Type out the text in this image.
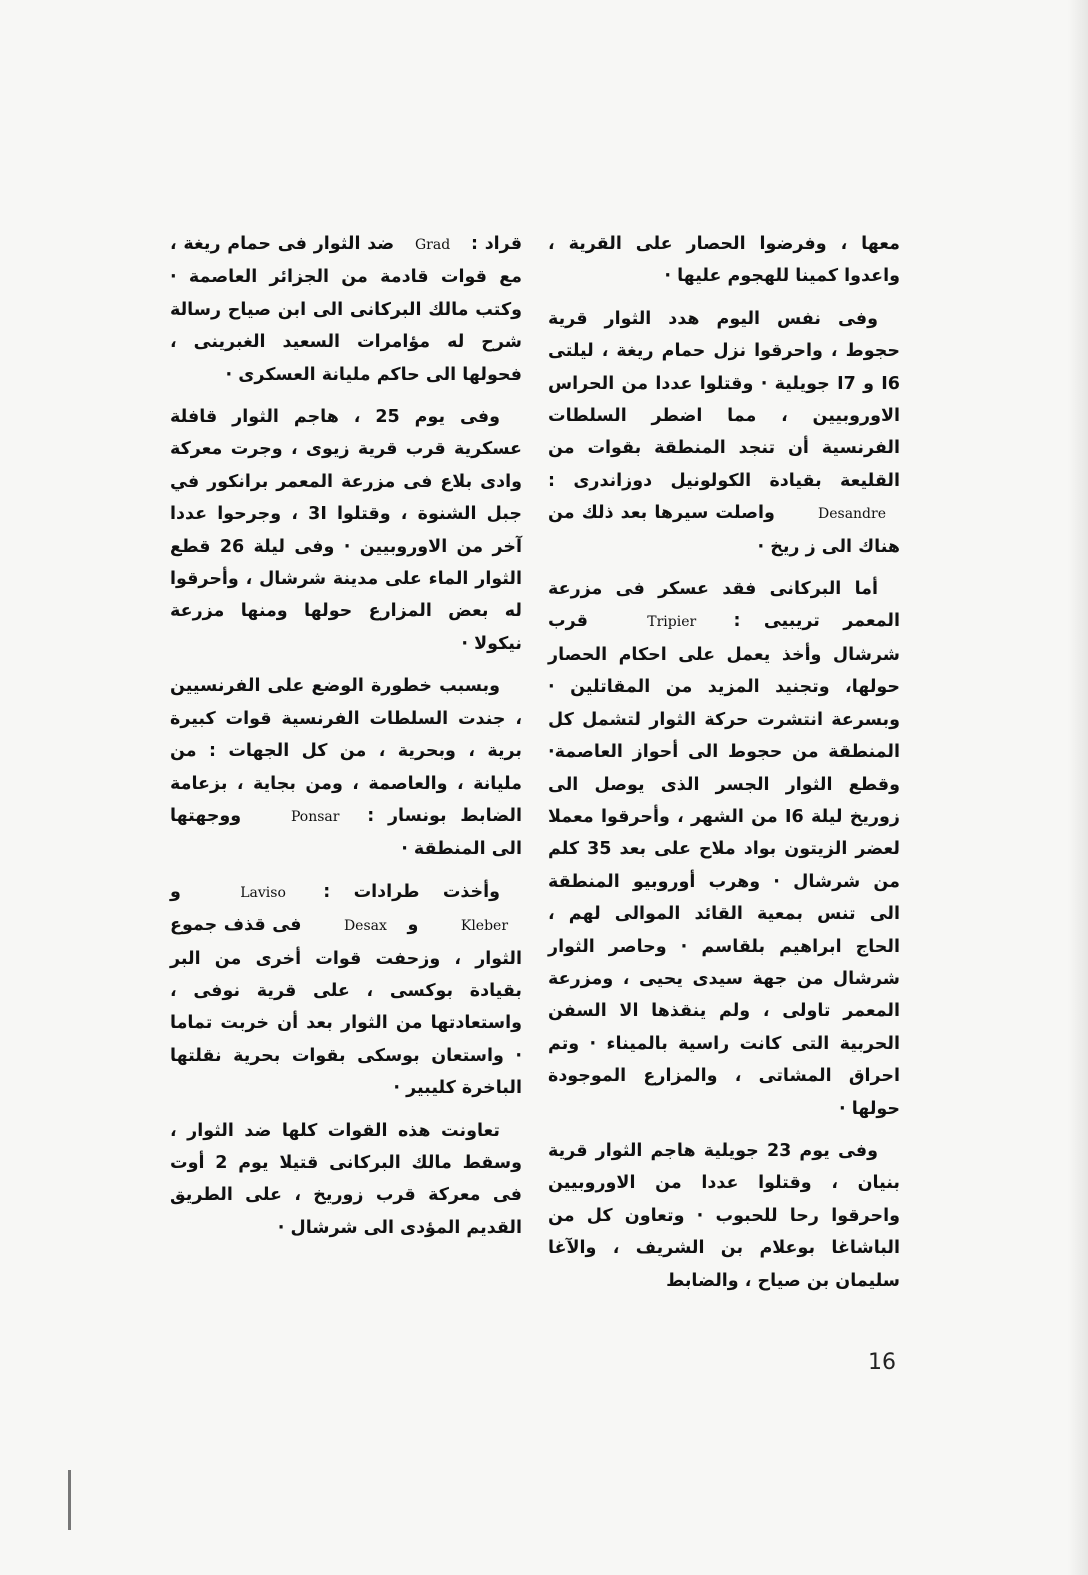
معها ، وفرضوا الحصار على القرية ، واعدوا كمينا للهجوم عليها ·

وفى نفس اليوم هدد الثوار قرية حجوط ، واحرقوا نزل حمام ريغة ، ليلتى I6 و I7 جويلية · وقتلوا عددا من الحراس الاوروبيين ، مما اضطر السلطات الفرنسية أن تنجد المنطقة بقوات من القليعة بقيادة الكولونيل دوزاندرى : Desandre واصلت سيرها بعد ذلك من هناك الى ز ريخ ·

أما البركانى فقد عسكر فى مزرعة المعمر تريبيى : Tripier قرب شرشال وأخذ يعمل على احكام الحصار حولها، وتجنيد المزيد من المقاتلين · وبسرعة انتشرت حركة الثوار لتشمل كل المنطقة من حجوط الى أحواز العاصمة· وقطع الثوار الجسر الذى يوصل الى زوريخ ليلة I6 من الشهر ، وأحرقوا معملا لعضر الزيتون بواد ملاح على بعد 35 كلم من شرشال · وهرب أوروبيو المنطقة الى تنس بمعية القائد الموالى لهم ، الحاج ابراهيم بلقاسم · وحاصر الثوار شرشال من جهة سيدى يحيى ، ومزرعة المعمر تاولى ، ولم ينقذها الا السفن الحربية التى كانت راسية بالميناء · وتم احراق المشاتى ، والمزارع الموجودة حولها ·

وفى يوم 23 جويلية هاجم الثوار قرية بنيان ، وقتلوا عددا من الاوروبيين واحرقوا رحا للحبوب · وتعاون كل من الباشاغا بوعلام بن الشريف ، والآغا سليمان بن صياح ، والضابط

قراد : Grad ضد الثوار فى حمام ريغة ، مع قوات قادمة من الجزائر العاصمة · وكتب مالك البركانى الى ابن صياح رسالة شرح له مؤامرات السعيد الغبرينى ، فحولها الى حاكم مليانة العسكرى ·

وفى يوم 25 ، هاجم الثوار قافلة عسكرية قرب قرية زيوى ، وجرت معركة وادى بلاع فى مزرعة المعمر برانكور في جبل الشنوة ، وقتلوا 3I ، وجرحوا عددا آخر من الاوروبيين · وفى ليلة 26 قطع الثوار الماء على مدينة شرشال ، وأحرقوا له بعض المزارع حولها ومنها مزرعة نيكولا ·

وبسبب خطورة الوضع على الفرنسيين ، جندت السلطات الفرنسية قوات كبيرة برية ، وبحرية ، من كل الجهات : من مليانة ، والعاصمة ، ومن بجاية ، بزعامة الضابط بونسار : Ponsar ووجهتها الى المنطقة ·

وأخذت طرادات : Laviso و Kleber و Desax فى قذف جموع الثوار ، وزحفت قوات أخرى من البر بقيادة بوكسى ، على قرية نوفى ، واستعادتها من الثوار بعد أن خربت تماما · واستعان بوسكى بقوات بحرية نقلتها الباخرة كليبير ·

تعاونت هذه القوات كلها ضد الثوار ، وسقط مالك البركانى قتيلا يوم 2 أوت فى معركة قرب زوريخ ، على الطريق القديم المؤدى الى شرشال ·

16
